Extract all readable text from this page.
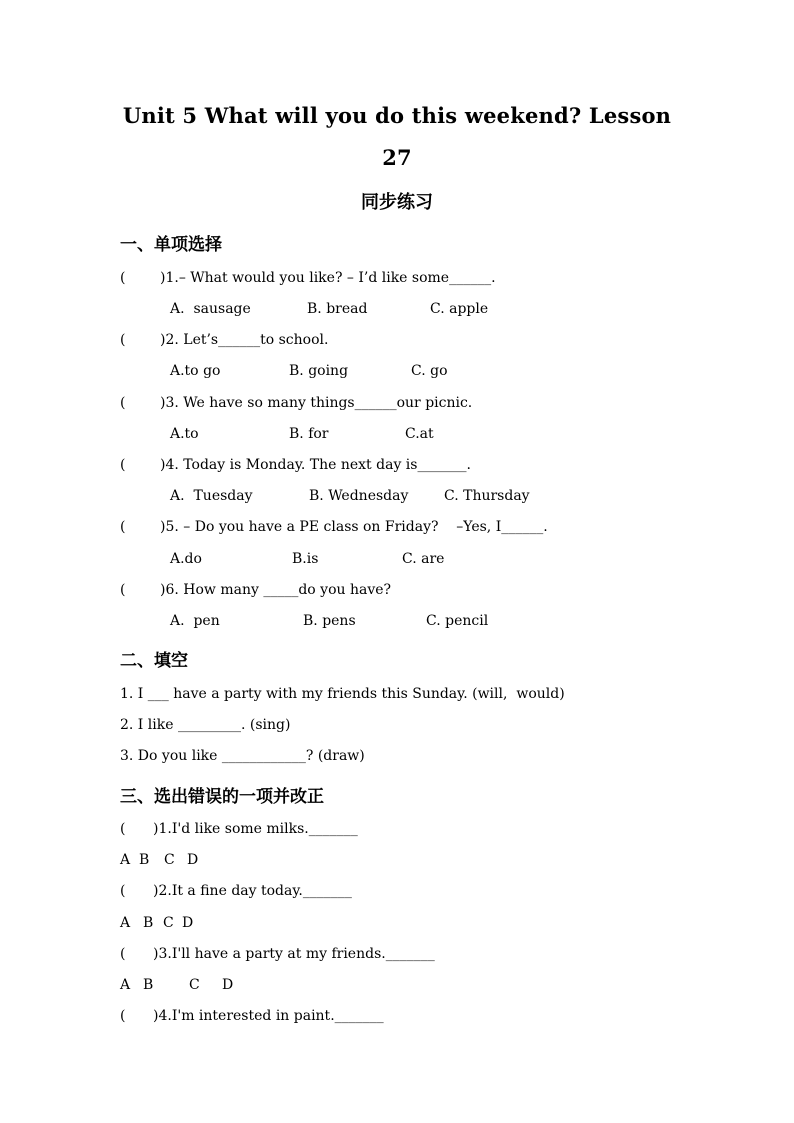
Unit 5 What will you do this weekend? Lesson
27
同步练习
一、单项选择
( )1.– What would you like? – I’d like some______.
A.  sausage	B. bread	C. apple
( )2. Let’s______to school.
A.to go	B. going	C. go
( )3. We have so many things______our picnic.
A.to	B. for	C.at
( )4. Today is Monday. The next day is_______.
A.  Tuesday	B. Wednesday	C. Thursday
( )5. – Do you have a PE class on Friday?    –Yes, I______.
A.do	B.is	C. are
( )6. How many _____do you have?
A.  pen	B. pens	C. pencil
二、填空
1. I ___ have a party with my friends this Sunday. (will,  would)
2. I like _________. (sing)
3. Do you like ____________? (draw)
三、选出错误的一项并改正
( )1.I'd like some milks._______
A B C D
( )2.It a fine day today._______
A B C D
( )3.I'll have a party at my friends._______
A B	C D
( )4.I'm interested in paint._______
